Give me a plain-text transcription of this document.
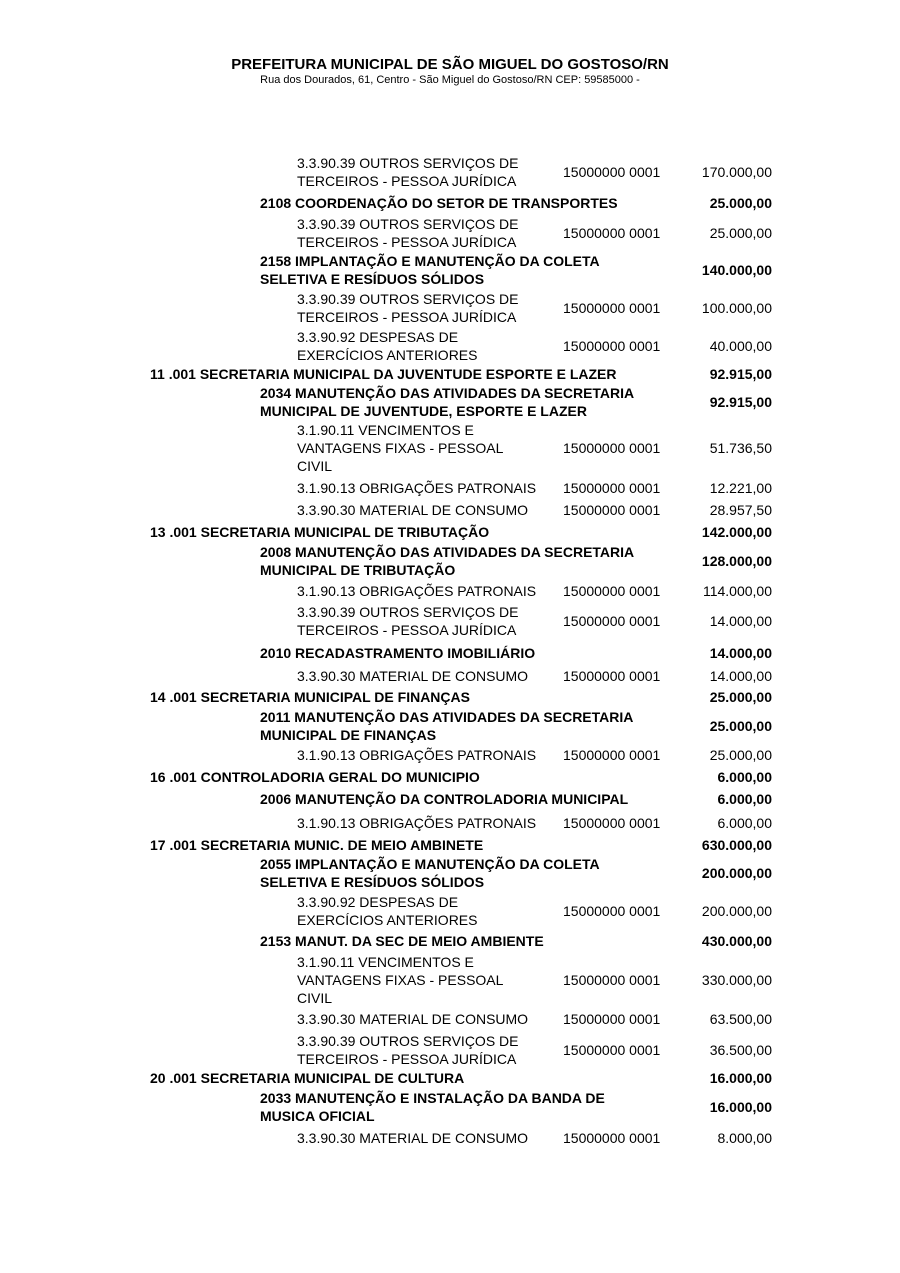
PREFEITURA MUNICIPAL DE SÃO MIGUEL DO GOSTOSO/RN
Rua dos Dourados, 61, Centro - São Miguel do Gostoso/RN CEP: 59585000 -
3.3.90.39 OUTROS SERVIÇOS DE
TERCEIROS - PESSOA JURÍDICA
15000000 0001	170.000,00
2108 COORDENAÇÃO DO SETOR DE TRANSPORTES	25.000,00
3.3.90.39 OUTROS SERVIÇOS DE
TERCEIROS - PESSOA JURÍDICA
15000000 0001	25.000,00
2158 IMPLANTAÇÃO E MANUTENÇÃO DA COLETA
SELETIVA E RESÍDUOS SÓLIDOS
140.000,00
3.3.90.39 OUTROS SERVIÇOS DE
TERCEIROS - PESSOA JURÍDICA
15000000 0001	100.000,00
3.3.90.92 DESPESAS DE
EXERCÍCIOS ANTERIORES
15000000 0001	40.000,00
11 .001 SECRETARIA MUNICIPAL DA JUVENTUDE ESPORTE E LAZER	92.915,00
2034 MANUTENÇÃO DAS ATIVIDADES DA SECRETARIA
MUNICIPAL DE JUVENTUDE, ESPORTE E LAZER
92.915,00
3.1.90.11 VENCIMENTOS E
VANTAGENS FIXAS - PESSOAL
CIVIL
15000000 0001	51.736,50
3.1.90.13 OBRIGAÇÕES PATRONAIS	15000000 0001	12.221,00
3.3.90.30 MATERIAL DE CONSUMO	15000000 0001	28.957,50
13 .001 SECRETARIA MUNICIPAL DE TRIBUTAÇÃO	142.000,00
2008 MANUTENÇÃO DAS ATIVIDADES DA SECRETARIA
MUNICIPAL DE TRIBUTAÇÃO
128.000,00
3.1.90.13 OBRIGAÇÕES PATRONAIS	15000000 0001	114.000,00
3.3.90.39 OUTROS SERVIÇOS DE
TERCEIROS - PESSOA JURÍDICA
15000000 0001	14.000,00
2010 RECADASTRAMENTO IMOBILIÁRIO	14.000,00
3.3.90.30 MATERIAL DE CONSUMO	15000000 0001	14.000,00
14 .001 SECRETARIA MUNICIPAL DE FINANÇAS	25.000,00
2011 MANUTENÇÃO DAS ATIVIDADES DA SECRETARIA
MUNICIPAL DE FINANÇAS
25.000,00
3.1.90.13 OBRIGAÇÕES PATRONAIS	15000000 0001	25.000,00
16 .001 CONTROLADORIA GERAL DO MUNICIPIO	6.000,00
2006 MANUTENÇÃO DA CONTROLADORIA MUNICIPAL	6.000,00
3.1.90.13 OBRIGAÇÕES PATRONAIS	15000000 0001	6.000,00
17 .001 SECRETARIA MUNIC. DE MEIO AMBINETE	630.000,00
2055 IMPLANTAÇÃO E MANUTENÇÃO DA COLETA
SELETIVA E RESÍDUOS SÓLIDOS
200.000,00
3.3.90.92 DESPESAS DE
EXERCÍCIOS ANTERIORES
15000000 0001	200.000,00
2153 MANUT. DA SEC DE MEIO AMBIENTE	430.000,00
3.1.90.11 VENCIMENTOS E
VANTAGENS FIXAS - PESSOAL
CIVIL
15000000 0001	330.000,00
3.3.90.30 MATERIAL DE CONSUMO	15000000 0001	63.500,00
3.3.90.39 OUTROS SERVIÇOS DE
TERCEIROS - PESSOA JURÍDICA
15000000 0001	36.500,00
20 .001 SECRETARIA MUNICIPAL DE CULTURA	16.000,00
2033 MANUTENÇÃO E INSTALAÇÃO DA BANDA DE
MUSICA OFICIAL
16.000,00
3.3.90.30 MATERIAL DE CONSUMO	15000000 0001	8.000,00
